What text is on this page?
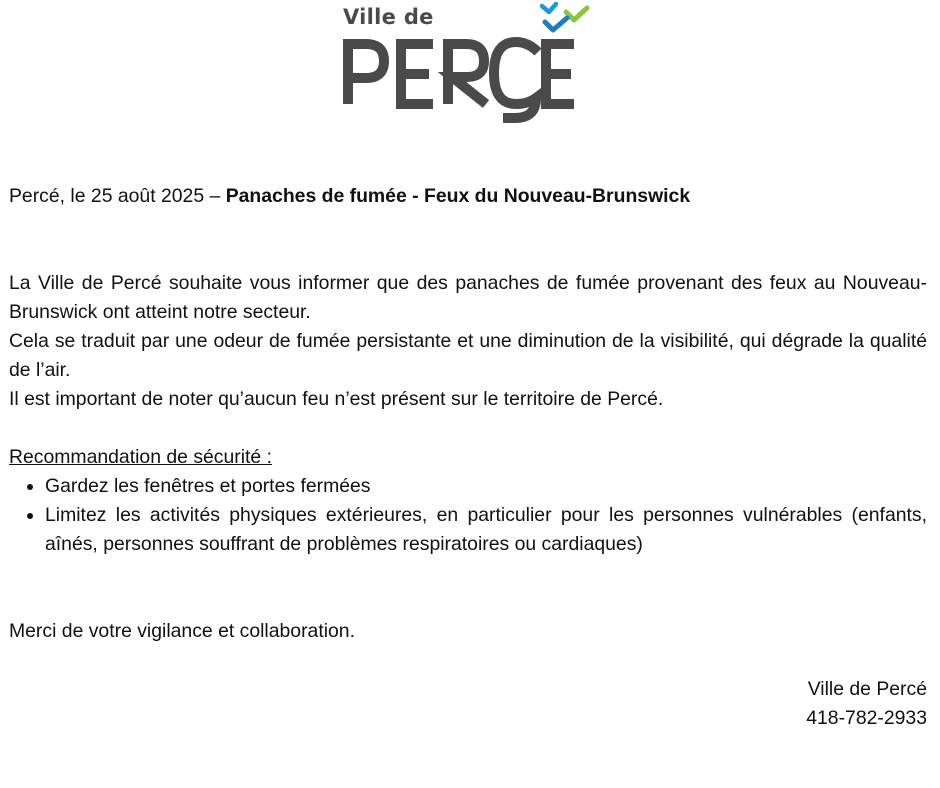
Ville de
Percé, le 25 août 2025 – Panaches de fumée - Feux du Nouveau-Brunswick

La Ville de Percé souhaite vous informer que des panaches de fumée provenant des feux au Nouveau-Brunswick ont atteint notre secteur.

Cela se traduit par une odeur de fumée persistante et une diminution de la visibilité, qui dégrade la qualité de l’air.

Il est important de noter qu’aucun feu n’est présent sur le territoire de Percé.

Recommandation de sécurité :
• Gardez les fenêtres et portes fermées
• Limitez les activités physiques extérieures, en particulier pour les personnes vulnérables (enfants, aînés, personnes souffrant de problèmes respiratoires ou cardiaques)
Merci de votre vigilance et collaboration.
Ville de Percé
418-782-2933
